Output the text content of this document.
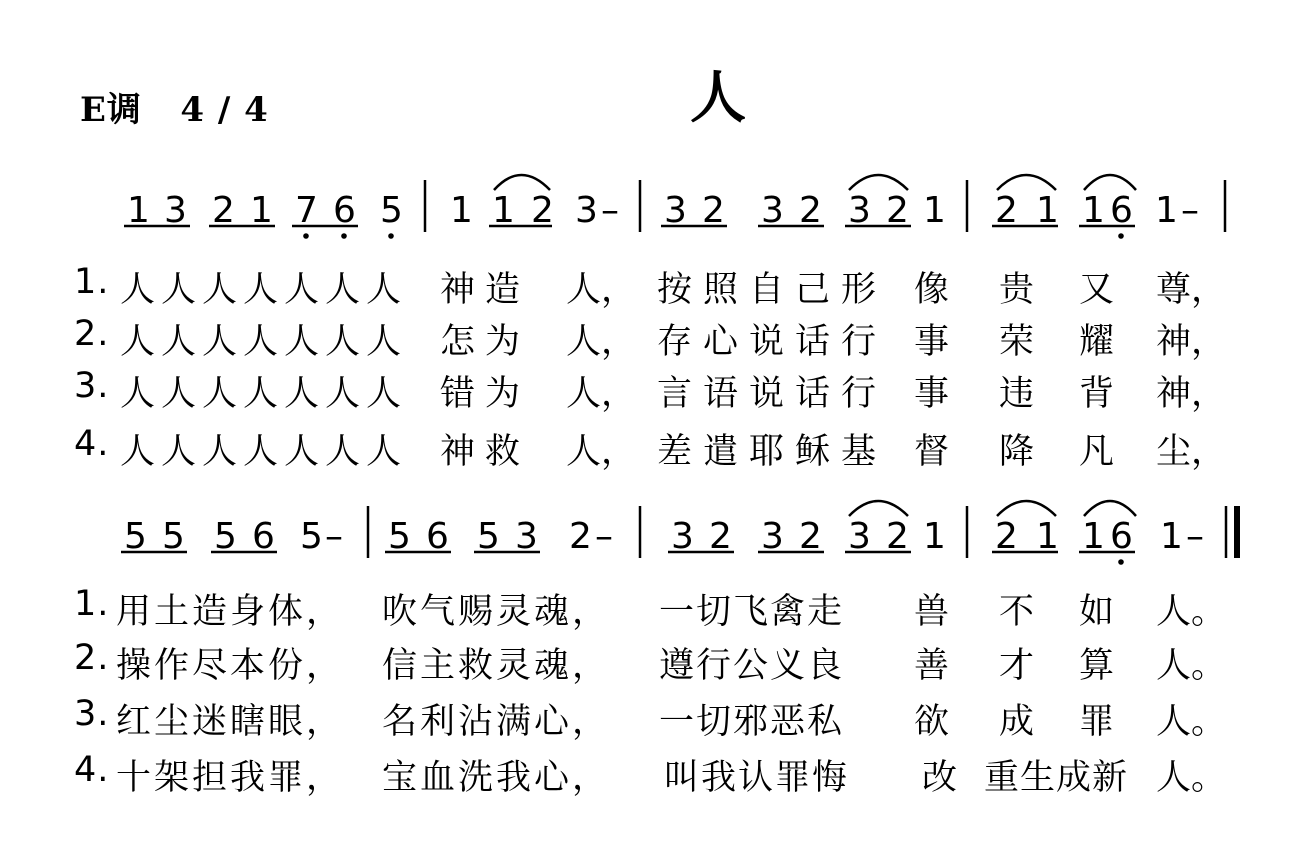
E调   4 / 4	人
1 3 2 1 7 6 5 1 1 2 3 – 3 2 3 2 3 2 1 2 1 1 6 1 –
5 5 5 6 5 – 5 6 5 3 2 – 3 2 3 2 3 2 1 2 1 1 6 1 –
1. 人人人人人人人 神造 人， 按照自己形 像 贵 又 尊，
2. 人人人人人人人 怎为 人， 存心说话行 事 荣 耀 神，
3. 人人人人人人人 错为 人， 言语说话行 事 违 背 神，
4. 人人人人人人人 神救 人， 差遣耶稣基 督 降 凡 尘，
1. 用土造身体， 吹气赐灵魂， 一切飞禽走 兽 不 如 人。
2. 操作尽本份， 信主救灵魂， 遵行公义良 善 才 算 人。
3. 红尘迷瞎眼， 名利沾满心， 一切邪恶私 欲 成 罪 人。
4. 十架担我罪， 宝血洗我心， 叫我认罪悔 改 重生成新 人。
